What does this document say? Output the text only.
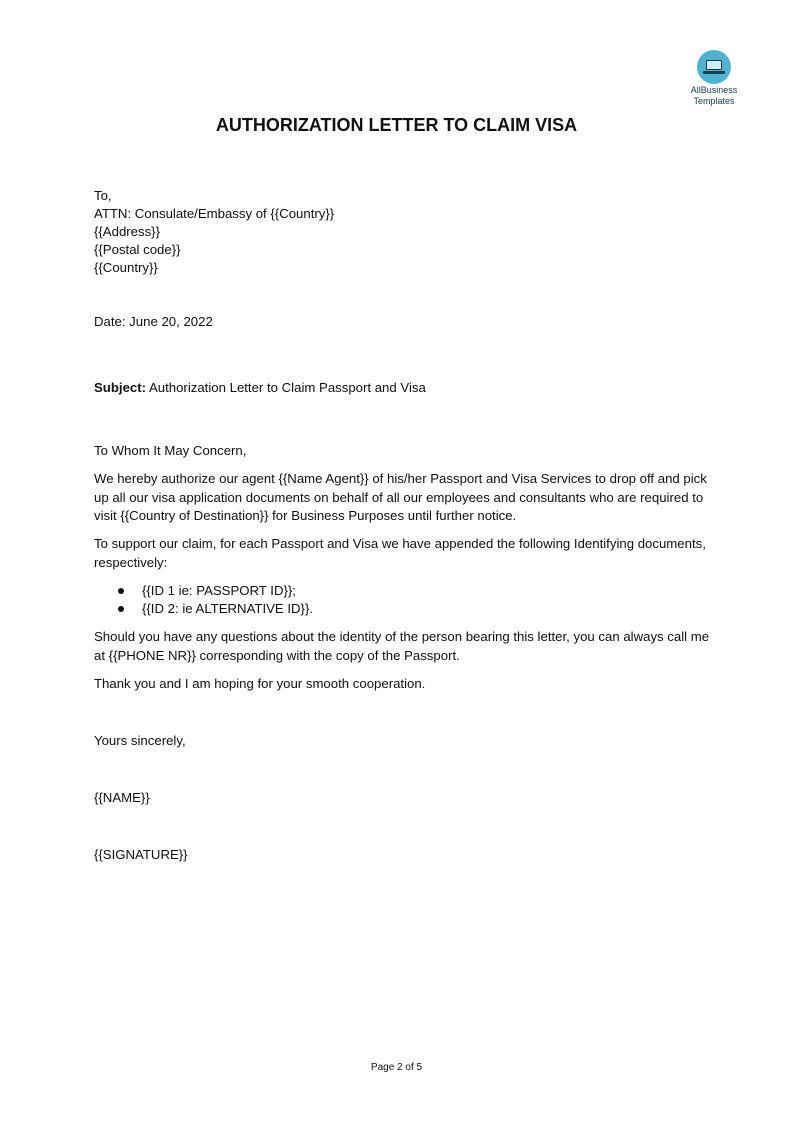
AllBusiness
Templates
AUTHORIZATION LETTER TO CLAIM VISA
To,
ATTN: Consulate/Embassy of {{Country}}
{{Address}}
{{Postal code}}
{{Country}}
Date: June 20, 2022
Subject: Authorization Letter to Claim Passport and Visa
To Whom It May Concern,
We hereby authorize our agent {{Name Agent}} of his/her Passport and Visa Services to drop off and pick up all our visa application documents on behalf of all our employees and consultants who are required to visit {{Country of Destination}} for Business Purposes until further notice.
To support our claim, for each Passport and Visa we have appended the following Identifying documents, respectively:
{{ID 1 ie: PASSPORT ID}};
{{ID 2: ie ALTERNATIVE ID}}.
Should you have any questions about the identity of the person bearing this letter, you can always call me at {{PHONE NR}} corresponding with the copy of the Passport.
Thank you and I am hoping for your smooth cooperation.
Yours sincerely,
{{NAME}}
{{SIGNATURE}}
Page 2 of 5
